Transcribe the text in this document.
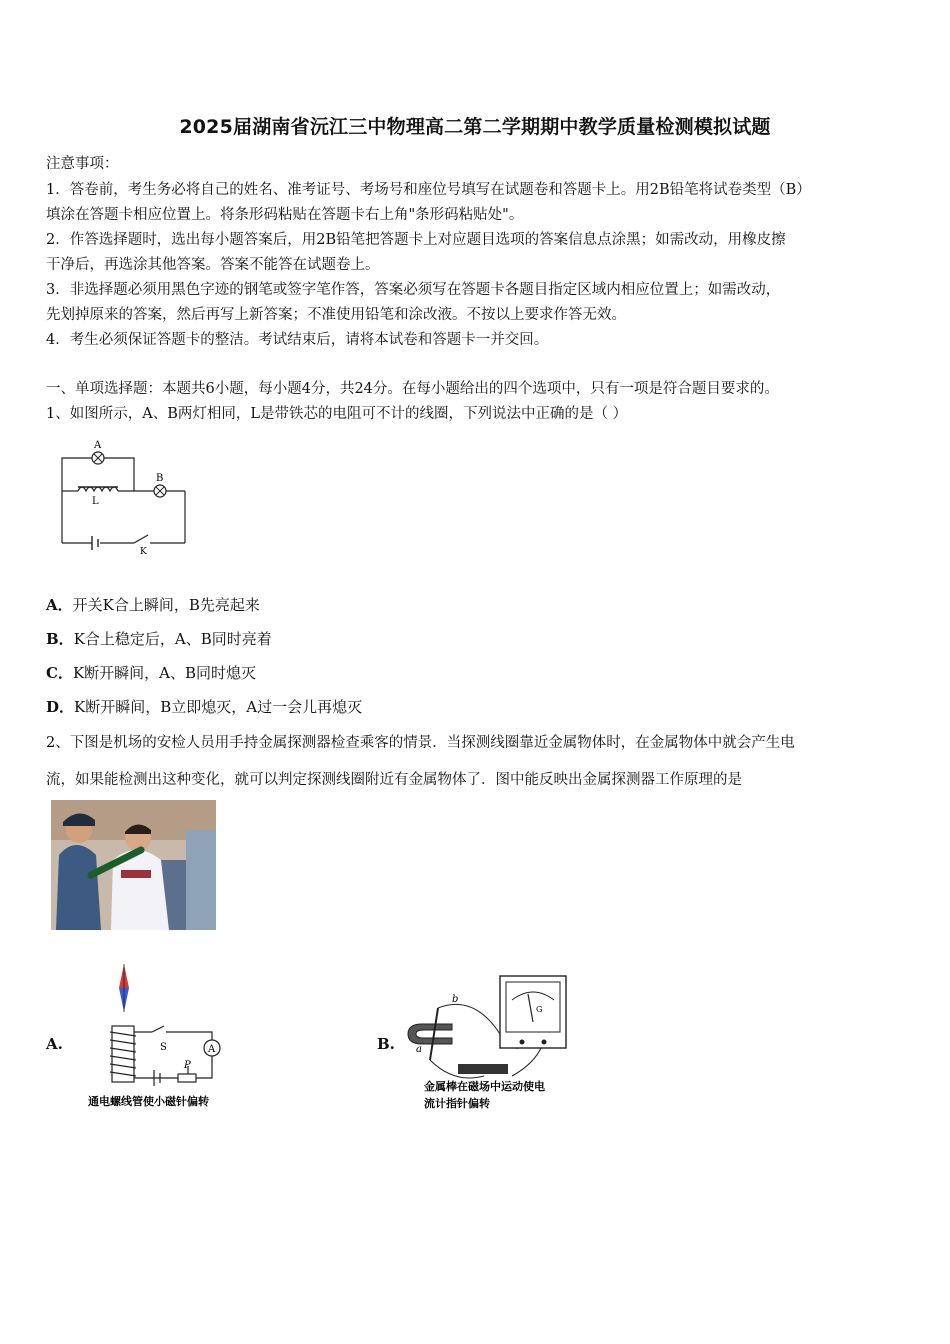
2025届湖南省沅江三中物理高二第二学期期中教学质量检测模拟试题
注意事项：
1．答卷前，考生务必将自己的姓名、准考证号、考场号和座位号填写在试题卷和答题卡上。用2B铅笔将试卷类型（B）
填涂在答题卡相应位置上。将条形码粘贴在答题卡右上角"条形码粘贴处"。
2．作答选择题时，选出每小题答案后，用2B铅笔把答题卡上对应题目选项的答案信息点涂黑；如需改动，用橡皮擦
干净后，再选涂其他答案。答案不能答在试题卷上。
3．非选择题必须用黑色字迹的钢笔或签字笔作答，答案必须写在答题卡各题目指定区域内相应位置上；如需改动，
先划掉原来的答案，然后再写上新答案；不准使用铅笔和涂改液。不按以上要求作答无效。
4．考生必须保证答题卡的整洁。考试结束后，请将本试卷和答题卡一并交回。
一、单项选择题：本题共6小题，每小题4分，共24分。在每小题给出的四个选项中，只有一项是符合题目要求的。
1、如图所示，A、B两灯相同，L是带铁芯的电阻可不计的线圈，下列说法中正确的是（ ）
A
B
L
K
A．开关K合上瞬间，B先亮起来
B．K合上稳定后，A、B同时亮着
C．K断开瞬间，A、B同时熄灭
D．K断开瞬间，B立即熄灭，A过一会儿再熄灭
2、下图是机场的安检人员用手持金属探测器检查乘客的情景．当探测线圈靠近金属物体时，在金属物体中就会产生电
流，如果能检测出这种变化，就可以判定探测线圈附近有金属物体了．图中能反映出金属探测器工作原理的是
A.	A
S
P
通电螺线管使小磁针偏转
B.
G
a
b
金属棒在磁场中运动使电
流计指针偏转
